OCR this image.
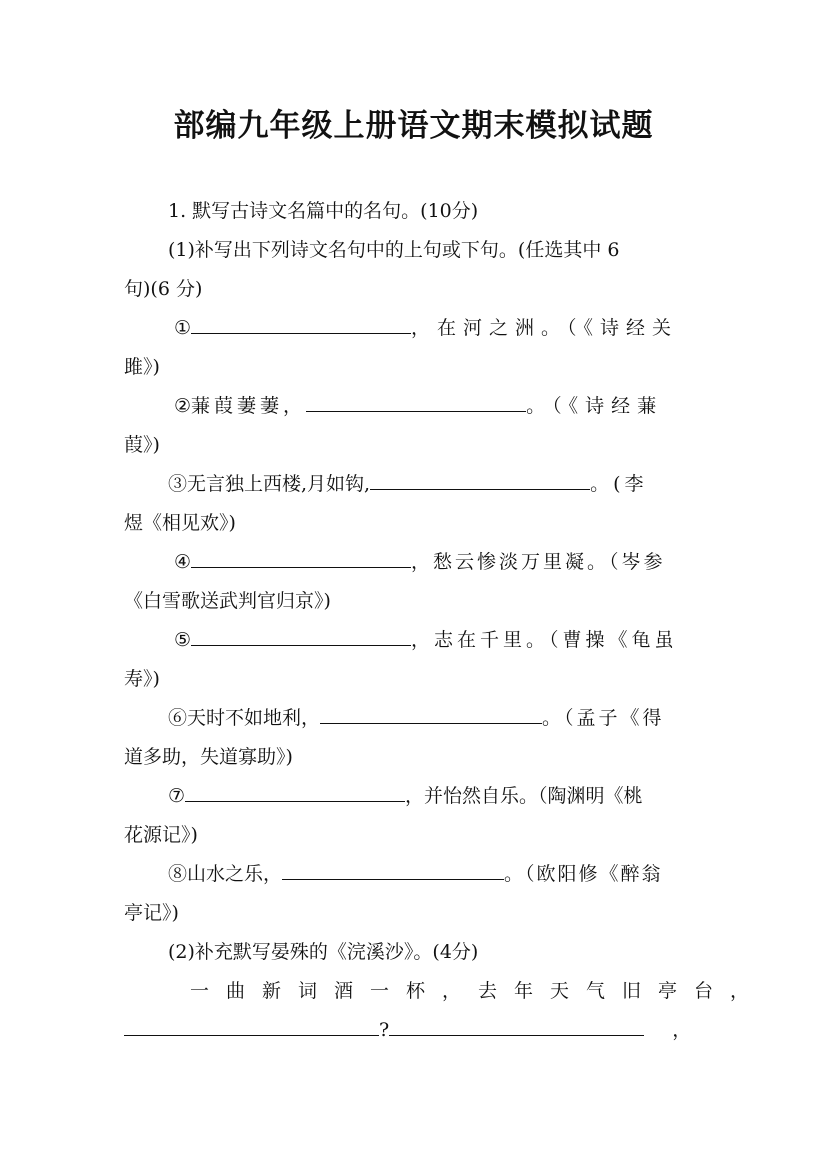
部编九年级上册语文期末模拟试题
1. 默写古诗文名篇中的名句。(10分)
(1)补写出下列诗文名句中的上句或下句。(任选其中 6
句)(6 分)
①	，在河之洲。（《诗经关
雎》)
②蒹葭萋萋，	。（《诗经蒹
葭》)
③无言独上西楼,月如钩,	。(李
煜《相见欢》)
④	，愁云惨淡万里凝。（岑参
《白雪歌送武判官归京》)
⑤	，志在千里。（曹操《龟虽
寿》)
⑥天时不如地利，	。（孟子《得
道多助，失道寡助》)
⑦	，并怡然自乐。（陶渊明《桃
花源记》)
⑧山水之乐，	。（欧阳修《醉翁
亭记》)
(2)补充默写晏殊的《浣溪沙》。(4分)
一曲新词酒一杯，去年天气旧亭台，
?	，
